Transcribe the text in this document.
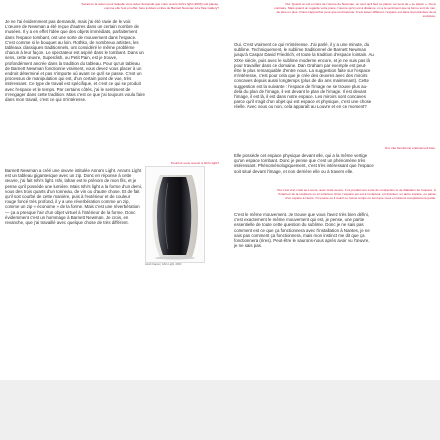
Serait-ce la raison pour laquelle vous aviez demandé que votre œuvre lichi's light (2003) soit placée, comme elle l'est en effet, face à Adam et Eve de Barnett Newman à la Tate Gallery?

Je ne l'ai évidemment pas demandé, mais j'ai été ravie de le voir. L'œuvre de Newman a été reçue d'autres dans un certain nombre de musées. Il y a en effet l'idée que des objets immédiats, parfaitement dans l'espace tombant, ont une sorte de mouvement dans l'espace. C'est comme si le bouquet au loin. Rothko, de nombreux artistes, les tableaux classiques traditionnels, ont considéré le même problème chacun à leur façon. Le spectateur est aspiré dans le tombant. Dans un sens, cette œuvre, Superdish, ou Petit Pain, est je trouve, profondément ancrée dans la tradition du tableau. Pour qu'un tableau de Barnett Newman fonctionne vraiment, vous devez vous placer à un endroit déterminé et pas n'importe où avant ce qu'il se passe. C'est un processus de manipulation qui est, d'un certain point de vue, très intéressant. Ce type de travail est spécifique, et c'est ce qui se produit avec l'espace et le temps. Par certains côtés, j'ai le sentiment de m'engager dans cette tradition. Mais c'est ce que j'ai toujours voulu faire dans mon travail, c'est ce qui m'intéresse.

Pourriez-vous revenir à Ishi's light?

Barnett Newman a créé une œuvre intitulée Anna's Light. Anna's Light est un tableau gigantesque avec un zip. Donc en réponse à cette œuvre, j'ai fait Ishi's light. Ishi, lahan est le prénom de mon fils, et je pense qu'il possède une lumière. Mais Ishi's light a la forme d'un demi, vous des trois quarts d'un tonneau, de vin ou d'autre chose. Et de fait qu'il soit courbé de cette manière, puis à l'extérieur et de couleur rouge foncé très profond, il y a une réverbération comme un zip, comme un zip « économe » de la forme. Mais c'est une réverbération — ça a presque l'air d'un objet virtuel à l'intérieur de la forme. Donc évidemment c'est un hommage à Barnett Newman. Je crois, en revanche, que j'ai travaillé avec quelque chose de très différent.

Anish Kapoor, Ishi's Light, 2003
Oui. Quand on est en face de l'œuvre de Newman, on sent qu'il faut se placer, au sens de « se placer ». Ou le contraire. Mais quand on regarde votre pièce, l'œuvre qu'ici est à distance, on a le sentiment que la forme sort du mur, de plus en plus. Il faut s'approcher pour que tout bascule. C'est assez différent, l'espace est dans la profondeur de la sculpture.

Oui. C'est vraiment ce qui m'intéresse. J'ai parlé, il y a une minute, du sublime. Techniquement, le sublime traditionnel de Barnett Newman jusqu'à Caspar David Friedrich, et toute la tradition d'espace lointain. Au XIXe siècle, puis avec le sublime moderne encore, et je ne suis pas là pour travailler dans ce domaine. Dan Graham par exemple est peut-être le plus remarquable d'entre nous. La suggestion faite sur l'espace m'intéresse, c'est pour cela que je crée des œuvres avec des miroirs concaves depuis aussi longtemps (plus de dix ans maintenant). Cette suggestion est la suivante : l'espace de l'image ne se trouve plus au-delà du plan de l'image, il est devant le plan de l'image. Il est devant l'image, il est là, il est dans notre espace. Les miroirs sont concaves parce qu'il s'agit d'un objet qui est espace et physique, c'est une chose réelle. Avec vous ou non, cela apparaît au Louvre et en ce moment?

Oui, elle fonctionne entièrement bien.

Elle possède cet espace physique devant elle, qui a la même vertige qu'un espace tombant. Donc je pense que c'est un phénomène très intéressant. Phénoménologiquement, c'est très intéressant que l'espace soit situé devant l'image, et non derrière elle ou à travers elle.

Oui c'est vrai, mais au Louvre, avec cette œuvre, il se produit une sorte de contraction et de dilatation de l'espace. À l'intérieur de la sculpture ou à l'extérieur. Ainsi, l'espace qui est à l'extérieur, et l'intérieur, un autre espace, on passe d'un espace à l'autre. On passe ou il réunit ce même temps on sent que nous en faisons complètement partie.

C'est le même mouvement. Je trouve que vous l'avez très bien défini, c'est exactement le même mouvement qui est, je pense, une partie essentielle de toute cette question du sublime. Donc je ne sais pas comment est ce que ça fonctionnera avec l'installation à Nantes, je ne sais pas comment ça fonctionnera, mais mon instinct me dit que ça fonctionnera (rires). Peut-être le saurons-nous après avoir vu l'œuvre, je ne sais pas.
